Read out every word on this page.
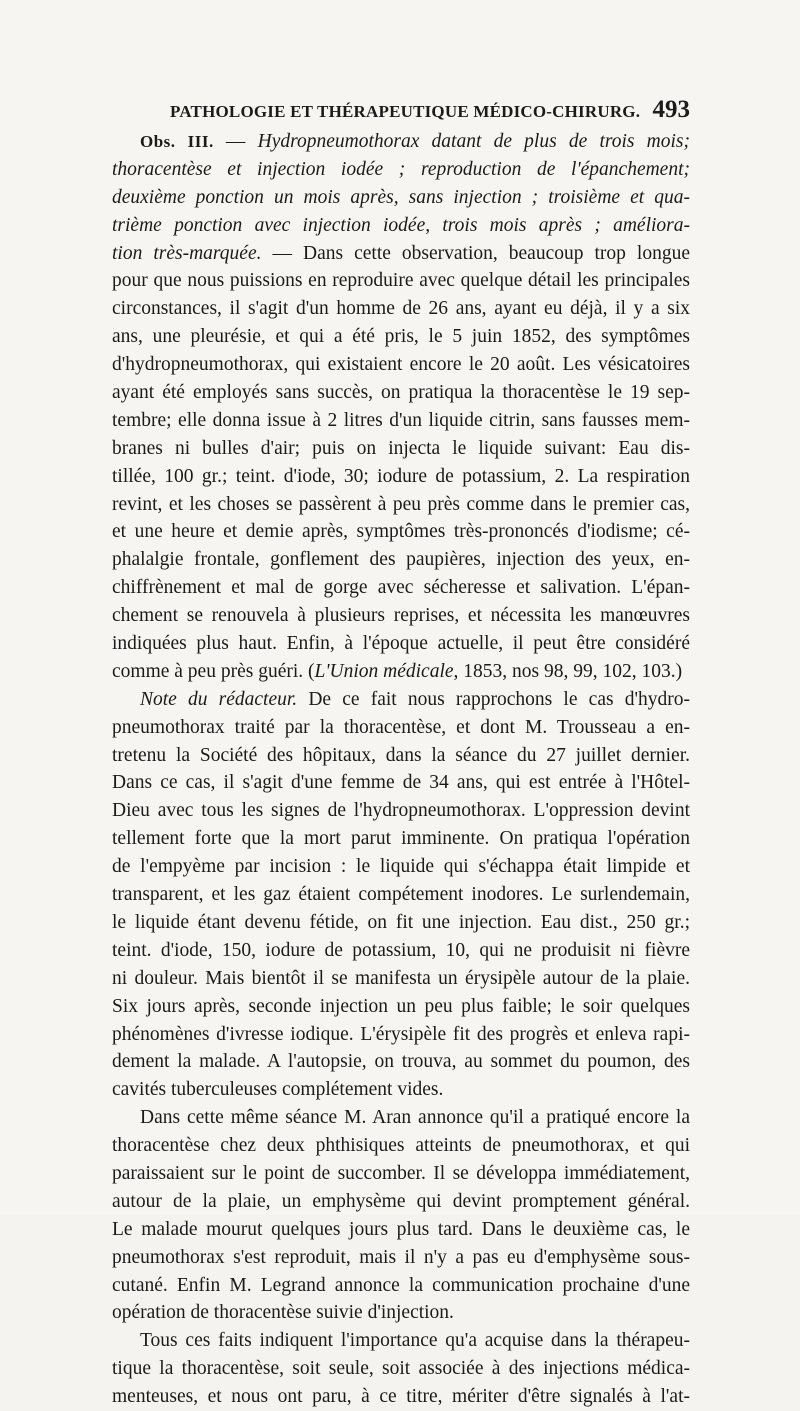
PATHOLOGIE ET THÉRAPEUTIQUE MÉDICO-CHIRURG. 493
Obs. III. — Hydropneumothorax datant de plus de trois mois;
thoracentèse et injection iodée ; reproduction de l'épanchement;
deuxième ponction un mois après, sans injection ; troisième et qua-
trième ponction avec injection iodée, trois mois après ; améliora-
tion très-marquée. — Dans cette observation, beaucoup trop longue
pour que nous puissions en reproduire avec quelque détail les principales
circonstances, il s'agit d'un homme de 26 ans, ayant eu déjà, il y a six
ans, une pleurésie, et qui a été pris, le 5 juin 1852, des symptômes
d'hydropneumothorax, qui existaient encore le 20 août. Les vésicatoires
ayant été employés sans succès, on pratiqua la thoracentèse le 19 sep-
tembre; elle donna issue à 2 litres d'un liquide citrin, sans fausses mem-
branes ni bulles d'air; puis on injecta le liquide suivant: Eau dis-
tillée, 100 gr.; teint. d'iode, 30; iodure de potassium, 2. La respiration
revint, et les choses se passèrent à peu près comme dans le premier cas,
et une heure et demie après, symptômes très-prononcés d'iodisme; cé-
phalalgie frontale, gonflement des paupières, injection des yeux, en-
chiffrènement et mal de gorge avec sécheresse et salivation. L'épan-
chement se renouvela à plusieurs reprises, et nécessita les manœuvres
indiquées plus haut. Enfin, à l'époque actuelle, il peut être considéré
comme à peu près guéri. (L'Union médicale, 1853, nos 98, 99, 102, 103.)
Note du rédacteur. De ce fait nous rapprochons le cas d'hydro-
pneumothorax traité par la thoracentèse, et dont M. Trousseau a en-
tretenu la Société des hôpitaux, dans la séance du 27 juillet dernier.
Dans ce cas, il s'agit d'une femme de 34 ans, qui est entrée à l'Hôtel-
Dieu avec tous les signes de l'hydropneumothorax. L'oppression devint
tellement forte que la mort parut imminente. On pratiqua l'opération
de l'empyème par incision : le liquide qui s'échappa était limpide et
transparent, et les gaz étaient compétement inodores. Le surlendemain,
le liquide étant devenu fétide, on fit une injection. Eau dist., 250 gr.;
teint. d'iode, 150, iodure de potassium, 10, qui ne produisit ni fièvre
ni douleur. Mais bientôt il se manifesta un érysipèle autour de la plaie.
Six jours après, seconde injection un peu plus faible; le soir quelques
phénomènes d'ivresse iodique. L'érysipèle fit des progrès et enleva rapi-
dement la malade. A l'autopsie, on trouva, au sommet du poumon, des
cavités tuberculeuses complétement vides.
Dans cette même séance M. Aran annonce qu'il a pratiqué encore la
thoracentèse chez deux phthisiques atteints de pneumothorax, et qui
paraissaient sur le point de succomber. Il se développa immédiatement,
autour de la plaie, un emphysème qui devint promptement général.
Le malade mourut quelques jours plus tard. Dans le deuxième cas, le
pneumothorax s'est reproduit, mais il n'y a pas eu d'emphysème sous-
cutané. Enfin M. Legrand annonce la communication prochaine d'une
opération de thoracentèse suivie d'injection.
Tous ces faits indiquent l'importance qu'a acquise dans la thérapeu-
tique la thoracentèse, soit seule, soit associée à des injections médica-
menteuses, et nous ont paru, à ce titre, mériter d'être signalés à l'at-
